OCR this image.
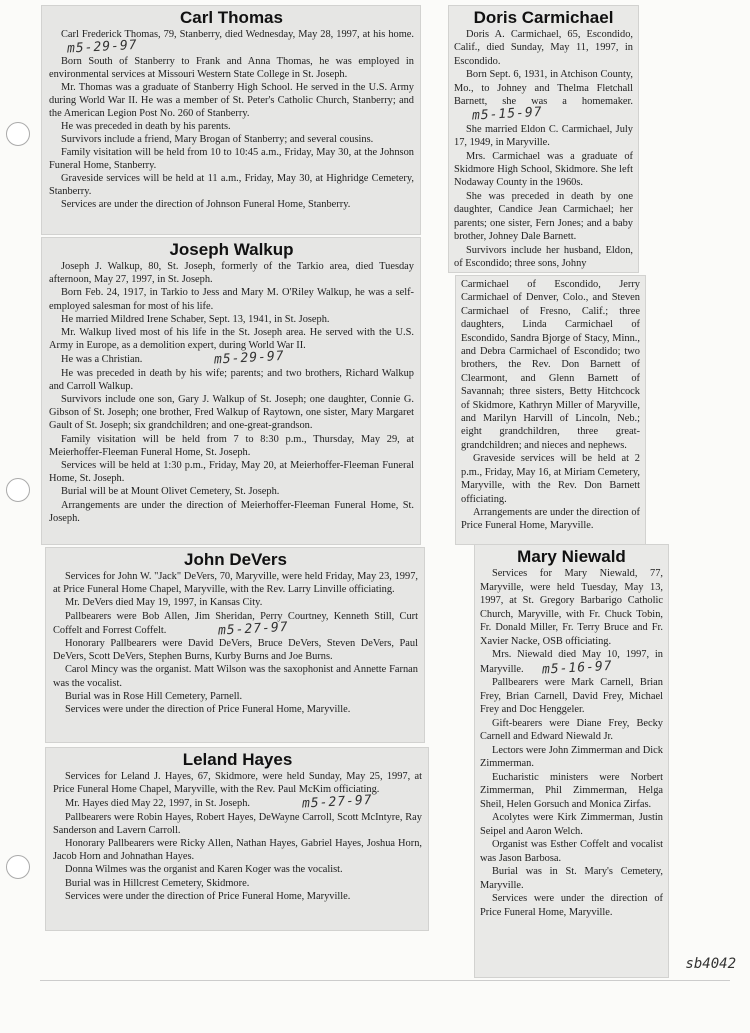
Carl Thomas

Carl Frederick Thomas, 79, Stanberry, died Wednesday, May 28, 1997, at his home.m5-29-97

Born South of Stanberry to Frank and Anna Thomas, he was employed in environmental services at Missouri Western State College in St. Joseph.

Mr. Thomas was a graduate of Stanberry High School. He served in the U.S. Army during World War II. He was a member of St. Peter's Catholic Church, Stanberry; and the American Legion Post No. 260 of Stanberry.

He was preceded in death by his parents.

Survivors include a friend, Mary Brogan of Stanberry; and several cousins.

Family visitation will be held from 10 to 10:45 a.m., Friday, May 30, at the Johnson Funeral Home, Stanberry.

Graveside services will be held at 11 a.m., Friday, May 30, at Highridge Cemetery, Stanberry.

Services are under the direction of Johnson Funeral Home, Stanberry.

Joseph Walkup

Joseph J. Walkup, 80, St. Joseph, formerly of the Tarkio area, died Tuesday afternoon, May 27, 1997, in St. Joseph.

Born Feb. 24, 1917, in Tarkio to Jess and Mary M. O'Riley Walkup, he was a self-employed salesman for most of his life.

He married Mildred Irene Schaber, Sept. 13, 1941, in St. Joseph.

Mr. Walkup lived most of his life in the St. Joseph area. He served with the U.S. Army in Europe, as a demolition expert, during World War II.

He was a Christian.	m5-29-97

He was preceded in death by his wife; parents; and two brothers, Richard Walkup and Carroll Walkup.

Survivors include one son, Gary J. Walkup of St. Joseph; one daughter, Connie G. Gibson of St. Joseph; one brother, Fred Walkup of Raytown, one sister, Mary Margaret Gault of St. Joseph; six grandchildren; and one-great-grandson.

Family visitation will be held from 7 to 8:30 p.m., Thursday, May 29, at Meierhoffer-Fleeman Funeral Home, St. Joseph.

Services will be held at 1:30 p.m., Friday, May 20, at Meierhoffer-Fleeman Funeral Home, St. Joseph.

Burial will be at Mount Olivet Cemetery, St. Joseph.

Arrangements are under the direction of Meierhoffer-Fleeman Funeral Home, St. Joseph.

John DeVers

Services for John W. "Jack" DeVers, 70, Maryville, were held Friday, May 23, 1997, at Price Funeral Home Chapel, Maryville, with the Rev. Larry Linville officiating.

Mr. DeVers died May 19, 1997, in Kansas City.

Pallbearers were Bob Allen, Jim Sheridan, Perry Courtney, Kenneth Still, Curt Coffelt and Forrest Coffelt.	m5-27-97

Honorary Pallbearers were David DeVers, Bruce DeVers, Steven DeVers, Paul DeVers, Scott DeVers, Stephen Burns, Kurby Burns and Joe Burns.

Carol Mincy was the organist. Matt Wilson was the saxophonist and Annette Farnan was the vocalist.

Burial was in Rose Hill Cemetery, Parnell.

Services were under the direction of Price Funeral Home, Maryville.

Leland Hayes

Services for Leland J. Hayes, 67, Skidmore, were held Sunday, May 25, 1997, at Price Funeral Home Chapel, Maryville, with the Rev. Paul McKim officiating.

Mr. Hayes died May 22, 1997, in St. Joseph.	m5-27-97

Pallbearers were Robin Hayes, Robert Hayes, DeWayne Carroll, Scott McIntyre, Ray Sanderson and Lavern Carroll.

Honorary Pallbearers were Ricky Allen, Nathan Hayes, Gabriel Hayes, Joshua Horn, Jacob Horn and Johnathan Hayes.

Donna Wilmes was the organist and Karen Koger was the vocalist.

Burial was in Hillcrest Cemetery, Skidmore.

Services were under the direction of Price Funeral Home, Maryville.

Doris Carmichael

Doris A. Carmichael, 65, Escondido, Calif., died Sunday, May 11, 1997, in Escondido.

Born Sept. 6, 1931, in Atchison County, Mo., to Johney and Thelma Fletchall Barnett, she was a homemaker.m5-15-97

She married Eldon C. Carmichael, July 17, 1949, in Maryville.

Mrs. Carmichael was a graduate of Skidmore High School, Skidmore. She left Nodaway County in the 1960s.

She was preceded in death by one daughter, Candice Jean Carmichael; her parents; one sister, Fern Jones; and a baby brother, Johney Dale Barnett.

Survivors include her husband, Eldon, of Escondido; three sons, Johny

Carmichael of Escondido, Jerry Carmichael of Denver, Colo., and Steven Carmichael of Fresno, Calif.; three daughters, Linda Carmichael of Escondido, Sandra Bjorge of Stacy, Minn., and Debra Carmichael of Escondido; two brothers, the Rev. Don Barnett of Clearmont, and Glenn Barnett of Savannah; three sisters, Betty Hitchcock of Skidmore, Kathryn Miller of Maryville, and Marilyn Harvill of Lincoln, Neb.; eight grandchildren, three great-grandchildren; and nieces and nephews.

Graveside services will be held at 2 p.m., Friday, May 16, at Miriam Cemetery, Maryville, with the Rev. Don Barnett officiating.

Arrangements are under the direction of Price Funeral Home, Maryville.

Mary Niewald

Services for Mary Niewald, 77, Maryville, were held Tuesday, May 13, 1997, at St. Gregory Barbarigo Catholic Church, Maryville, with Fr. Chuck Tobin, Fr. Donald Miller, Fr. Terry Bruce and Fr. Xavier Nacke, OSB officiating.

Mrs. Niewald died May 10, 1997, in Maryville. m5-16-97

Pallbearers were Mark Carnell, Brian Frey, Brian Carnell, David Frey, Michael Frey and Doc Henggeler.

Gift-bearers were Diane Frey, Becky Carnell and Edward Niewald Jr.

Lectors were John Zimmerman and Dick Zimmerman.

Eucharistic ministers were Norbert Zimmerman, Phil Zimmerman, Helga Sheil, Helen Gorsuch and Monica Zirfas.

Acolytes were Kirk Zimmerman, Justin Seipel and Aaron Welch.

Organist was Esther Coffelt and vocalist was Jason Barbosa.

Burial was in St. Mary's Cemetery, Maryville.

Services were under the direction of Price Funeral Home, Maryville.

sb4042
